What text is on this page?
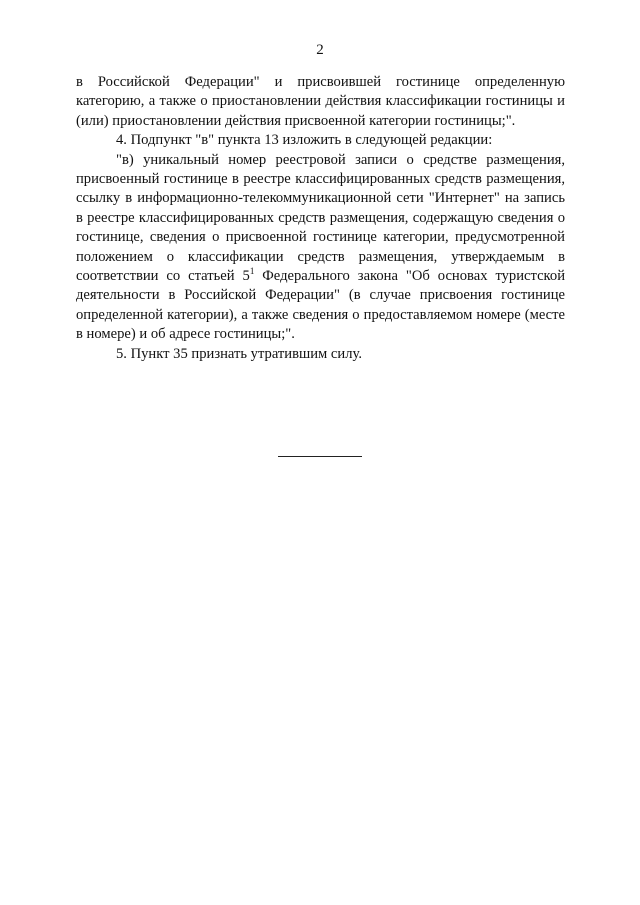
2

в Российской Федерации" и присвоившей гостинице определенную категорию, а также о приостановлении действия классификации гостиницы и (или) приостановлении действия присвоенной категории гостиницы;".

4. Подпункт "в" пункта 13 изложить в следующей редакции:

"в) уникальный номер реестровой записи о средстве размещения, присвоенный гостинице в реестре классифицированных средств размещения, ссылку в информационно-телекоммуникационной сети "Интернет" на запись в реестре классифицированных средств размещения, содержащую сведения о гостинице, сведения о присвоенной гостинице категории, предусмотренной положением о классификации средств размещения, утверждаемым в соответствии со статьей $5^1$ Федерального закона "Об основах туристской деятельности в Российской Федерации" (в случае присвоения гостинице определенной категории), а также сведения о предоставляемом номере (месте в номере) и об адресе гостиницы;".

5. Пункт 35 признать утратившим силу.
